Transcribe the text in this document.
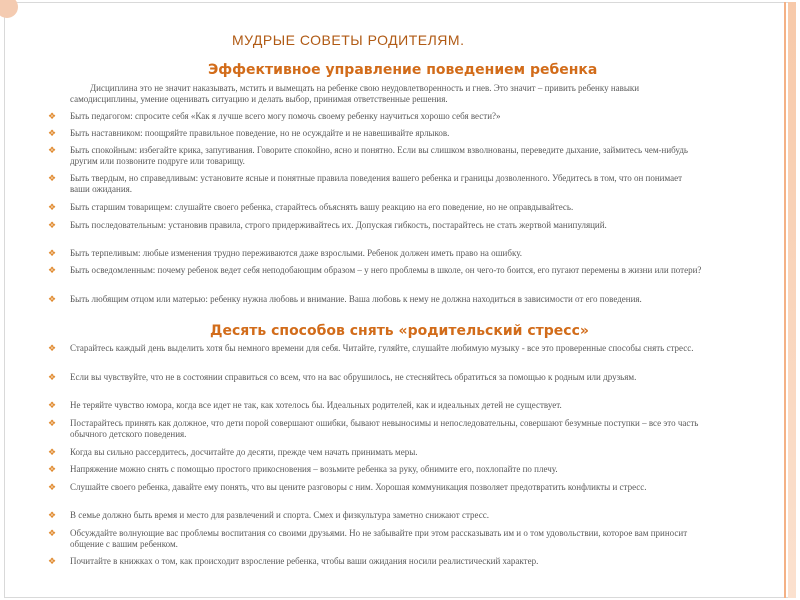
МУДРЫЕ СОВЕТЫ РОДИТЕЛЯМ.
Эффективное управление поведением ребенка

Дисциплина это не значит наказывать, мстить и вымещать на ребенке свою неудовлетворенность и гнев. Это значит – привить ребенку навыки самодисциплины, умение оценивать ситуацию и делать выбор, принимая ответственные решения.

❖ Быть педагогом: спросите себя «Как я лучше всего могу помочь своему ребенку научиться хорошо себя вести?»

❖ Быть наставником: поощряйте правильное поведение, но не осуждайте и не навешивайте ярлыков.

❖ Быть спокойным: избегайте крика, запугивания. Говорите спокойно, ясно и понятно. Если вы слишком взволнованы, переведите дыхание, займитесь чем-нибудь другим или позвоните подруге или товарищу.

❖ Быть твердым, но справедливым: установите ясные и понятные правила поведения вашего ребенка и границы дозволенного. Убедитесь в том, что он понимает ваши ожидания.

❖ Быть старшим товарищем: слушайте своего ребенка, старайтесь объяснять вашу реакцию на его поведение, но не оправдывайтесь.

❖ Быть последовательным: установив правила, строго придерживайтесь их. Допуская гибкость, постарайтесь не стать жертвой манипуляций.

❖ Быть терпеливым: любые изменения трудно переживаются даже взрослыми. Ребенок должен иметь право на ошибку.

❖ Быть осведомленным: почему ребенок ведет себя неподобающим образом – у него проблемы в школе, он чего-то боится, его пугают перемены в жизни или потери?

❖ Быть любящим отцом или матерью: ребенку нужна любовь и внимание. Ваша любовь к нему не должна находиться в зависимости от его поведения.

Десять способов снять «родительский стресс»
❖ Старайтесь каждый день выделить хотя бы немного времени для себя. Читайте, гуляйте, слушайте любимую музыку - все это проверенные способы снять стресс.

❖ Если вы чувствуйте, что не в состоянии справиться со всем, что на вас обрушилось, не стесняйтесь обратиться за помощью к родным или друзьям.

❖ Не теряйте чувство юмора, когда все идет не так, как хотелось бы. Идеальных родителей, как и идеальных детей не существует.

❖ Постарайтесь принять как должное, что дети порой совершают ошибки, бывают невыносимы и непоследовательны, совершают безумные поступки – все это часть обычного детского поведения.

❖ Когда вы сильно рассердитесь, досчитайте до десяти, прежде чем начать принимать меры.

❖ Напряжение можно снять с помощью простого прикосновения – возьмите ребенка за руку, обнимите его, похлопайте по плечу.

❖ Слушайте своего ребенка, давайте ему понять, что вы цените разговоры с ним. Хорошая коммуникация позволяет предотвратить конфликты и стресс.

❖ В семье должно быть время и место для развлечений и спорта. Смех и физкультура заметно снижают стресс.

❖ Обсуждайте волнующие вас проблемы воспитания со своими друзьями. Но не забывайте при этом рассказывать им и о том удовольствии, которое вам приносит общение с вашим ребенком.

❖ Почитайте в книжках о том, как происходит взросление ребенка, чтобы ваши ожидания носили реалистический характер.
